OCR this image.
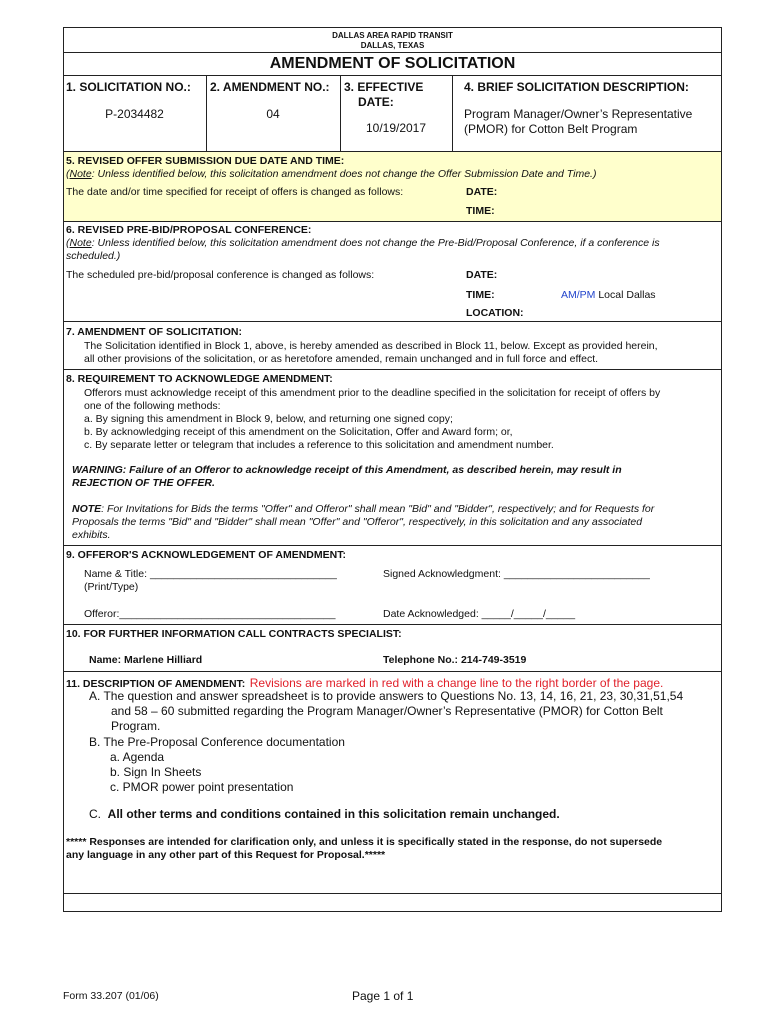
DALLAS AREA RAPID TRANSIT
DALLAS, TEXAS
AMENDMENT OF SOLICITATION
1. SOLICITATION NO.:
P-2034482
2. AMENDMENT NO.:
04
3. EFFECTIVE
DATE:
10/19/2017
4. BRIEF SOLICITATION DESCRIPTION:
Program Manager/Owner’s Representative
(PMOR) for Cotton Belt Program
5. REVISED OFFER SUBMISSION DUE DATE AND TIME:
(Note: Unless identified below, this solicitation amendment does not change the Offer Submission Date and Time.)
The date and/or time specified for receipt of offers is changed as follows:	DATE:
TIME:
6. REVISED PRE-BID/PROPOSAL CONFERENCE:
(Note: Unless identified below, this solicitation amendment does not change the Pre-Bid/Proposal Conference, if a conference is
scheduled.)
The scheduled pre-bid/proposal conference is changed as follows:	DATE:
TIME:	AM/PM Local Dallas
LOCATION:
7. AMENDMENT OF SOLICITATION:
The Solicitation identified in Block 1, above, is hereby amended as described in Block 11, below. Except as provided herein,
all other provisions of the solicitation, or as heretofore amended, remain unchanged and in full force and effect.
8. REQUIREMENT TO ACKNOWLEDGE AMENDMENT:
Offerors must acknowledge receipt of this amendment prior to the deadline specified in the solicitation for receipt of offers by
one of the following methods:
a. By signing this amendment in Block 9, below, and returning one signed copy;
b. By acknowledging receipt of this amendment on the Solicitation, Offer and Award form; or,
c. By separate letter or telegram that includes a reference to this solicitation and amendment number.
WARNING: Failure of an Offeror to acknowledge receipt of this Amendment, as described herein, may result in
REJECTION OF THE OFFER.
NOTE: For Invitations for Bids the terms "Offer" and Offeror" shall mean "Bid" and "Bidder", respectively; and for Requests for
Proposals the terms "Bid" and "Bidder" shall mean "Offer" and "Offeror", respectively, in this solicitation and any associated
exhibits.
9. OFFEROR'S ACKNOWLEDGEMENT OF AMENDMENT:
Name & Title: ________________________________
(Print/Type)
Signed Acknowledgment: _________________________
Offeror:_____________________________________	Date Acknowledged: _____/_____/_____
10. FOR FURTHER INFORMATION CALL CONTRACTS SPECIALIST:
Name: Marlene Hilliard	Telephone No.: 214-749-3519
11. DESCRIPTION OF AMENDMENT: Revisions are marked in red with a change line to the right border of the page.
A. The question and answer spreadsheet is to provide answers to Questions No. 13, 14, 16, 21, 23, 30,31,51,54
and 58 – 60 submitted regarding the Program Manager/Owner’s Representative (PMOR) for Cotton Belt
Program.
B. The Pre-Proposal Conference documentation
a. Agenda
b. Sign In Sheets
c. PMOR power point presentation
C. All other terms and conditions contained in this solicitation remain unchanged.
***** Responses are intended for clarification only, and unless it is specifically stated in the response, do not supersede
any language in any other part of this Request for Proposal.*****
Form 33.207 (01/06)	Page 1 of 1
